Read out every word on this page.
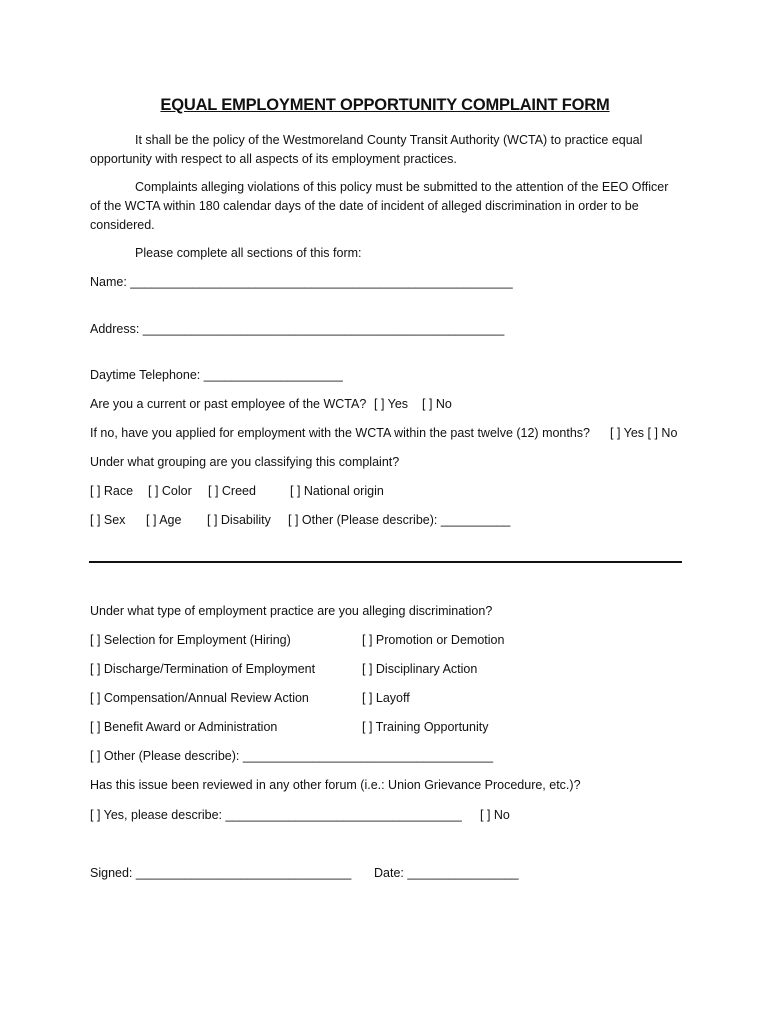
EQUAL EMPLOYMENT OPPORTUNITY COMPLAINT FORM
It shall be the policy of the Westmoreland County Transit Authority (WCTA) to practice equal opportunity with respect to all aspects of its employment practices.
Complaints alleging violations of this policy must be submitted to the attention of the EEO Officer of the WCTA within 180 calendar days of the date of incident of alleged discrimination in order to be considered.
Please complete all sections of this form:
Name: _______________________________________________________
Address: ____________________________________________________
Daytime Telephone: ____________________
Are you a current or past employee of the WCTA? [ ] Yes [ ] No
If no, have you applied for employment with the WCTA within the past twelve (12) months? [ ] Yes [ ] No
Under what grouping are you classifying this complaint?
[ ] Race [ ] Color [ ] Creed	[ ] National origin
[ ] Sex [ ] Age [ ] Disability [ ] Other (Please describe): __________
Under what type of employment practice are you alleging discrimination?
[ ] Selection for Employment (Hiring)	[ ] Promotion or Demotion
[ ] Discharge/Termination of Employment	[ ] Disciplinary Action
[ ] Compensation/Annual Review Action	[ ] Layoff
[ ] Benefit Award or Administration	[ ] Training Opportunity
[ ] Other (Please describe): ____________________________________
Has this issue been reviewed in any other forum (i.e.: Union Grievance Procedure, etc.)?
[ ] Yes, please describe: __________________________________ [ ] No
Signed: _______________________________ Date: ________________
